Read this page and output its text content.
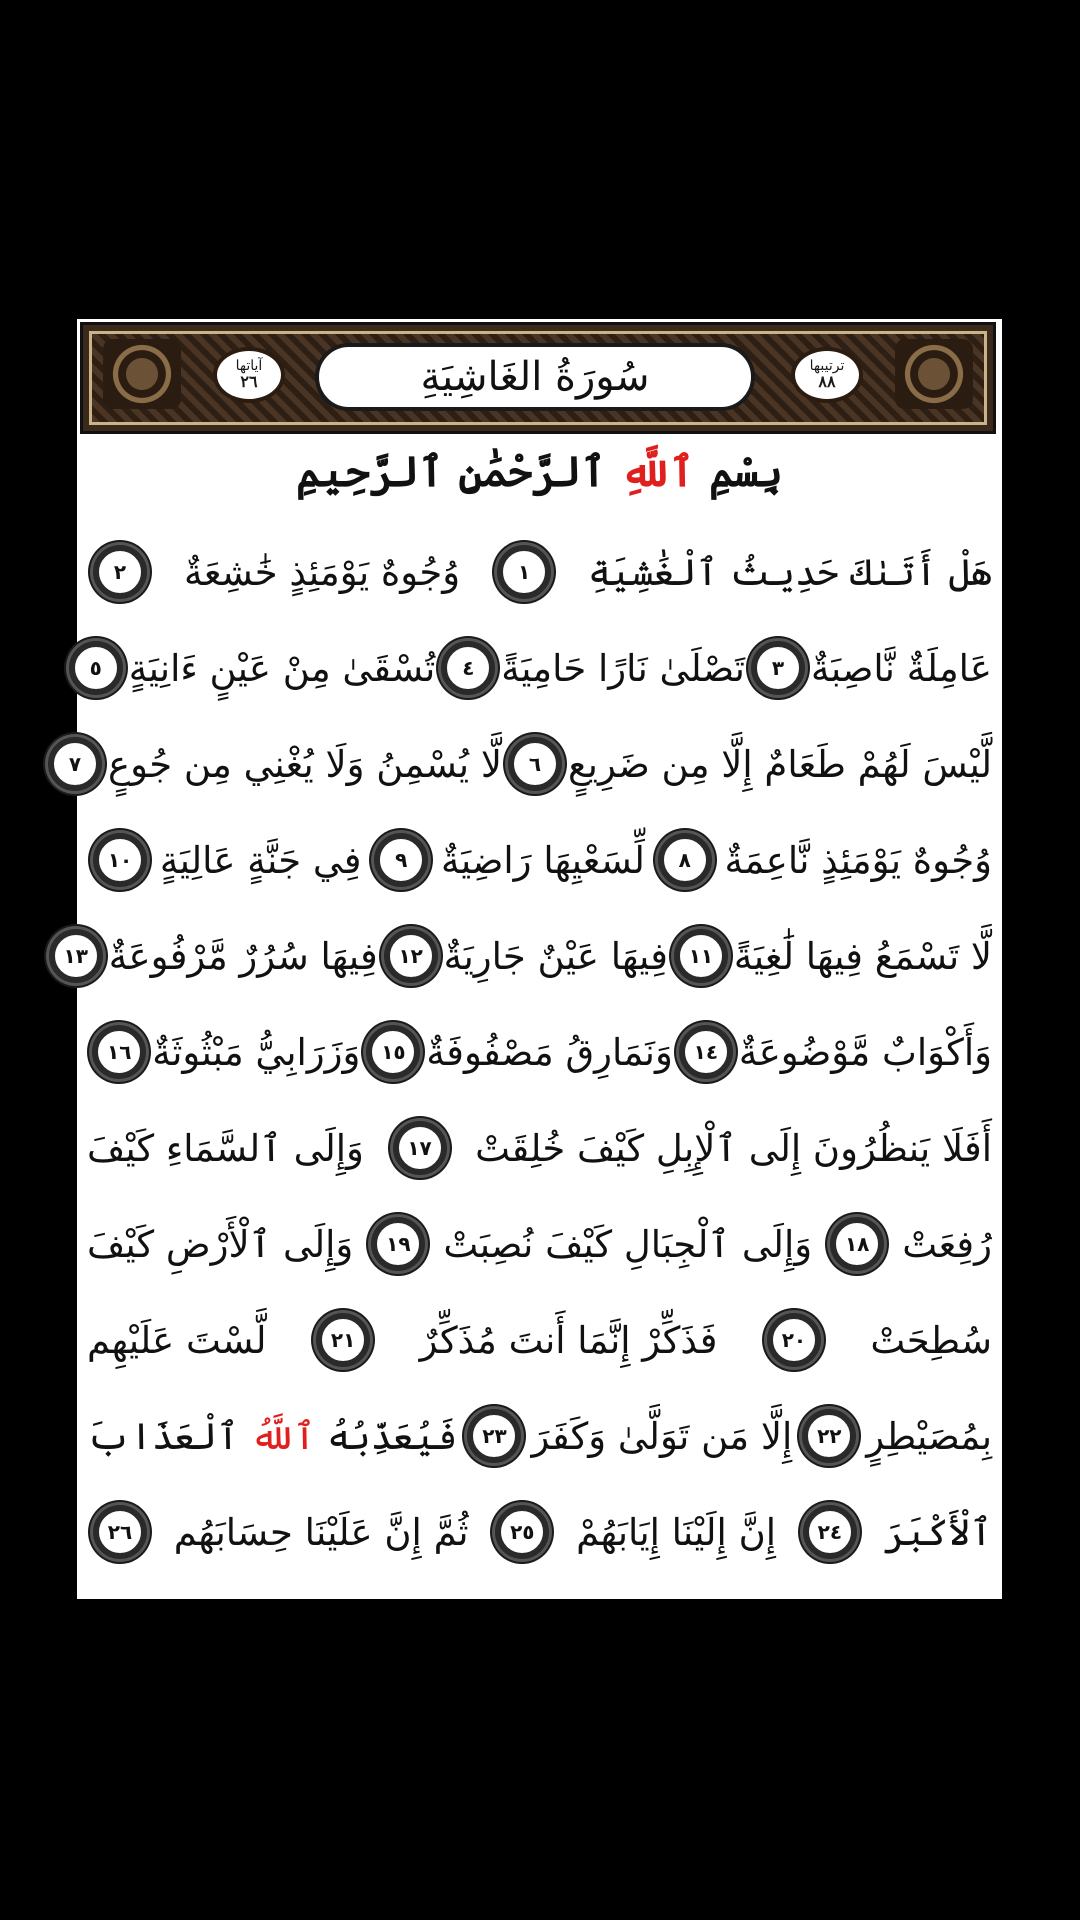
آياتها
٢٦	سُورَةُ الغَاشِيَةِ	ترتيبها
٨٨
بِسْمِ ٱللَّهِ ٱلرَّحْمَٰنِ ٱلرَّحِيمِ
هَلْ أَتَىٰكَ حَدِيثُ ٱلْغَٰشِيَةِ
١
وُجُوهٌ يَوْمَئِذٍ خَٰشِعَةٌ
٢
عَامِلَةٌ نَّاصِبَةٌ
٣
تَصْلَىٰ نَارًا حَامِيَةً
٤
تُسْقَىٰ مِنْ عَيْنٍ ءَانِيَةٍ
٥
لَّيْسَ لَهُمْ طَعَامٌ إِلَّا مِن ضَرِيعٍ
٦
لَّا يُسْمِنُ وَلَا يُغْنِي مِن جُوعٍ
٧
وُجُوهٌ يَوْمَئِذٍ نَّاعِمَةٌ
٨
لِّسَعْيِهَا رَاضِيَةٌ
٩
فِي جَنَّةٍ عَالِيَةٍ
١٠
لَّا تَسْمَعُ فِيهَا لَٰغِيَةً
١١
فِيهَا عَيْنٌ جَارِيَةٌ
١٢
فِيهَا سُرُرٌ مَّرْفُوعَةٌ
١٣
وَأَكْوَابٌ مَّوْضُوعَةٌ
١٤
وَنَمَارِقُ مَصْفُوفَةٌ
١٥
وَزَرَابِيُّ مَبْثُوثَةٌ
١٦
أَفَلَا يَنظُرُونَ إِلَى ٱلْإِبِلِ كَيْفَ خُلِقَتْ
١٧
وَإِلَى ٱلسَّمَاءِ كَيْفَ
رُفِعَتْ
١٨
وَإِلَى ٱلْجِبَالِ كَيْفَ نُصِبَتْ
١٩
وَإِلَى ٱلْأَرْضِ كَيْفَ
سُطِحَتْ
٢٠
فَذَكِّرْ إِنَّمَا أَنتَ مُذَكِّرٌ
٢١
لَّسْتَ عَلَيْهِم
بِمُصَيْطِرٍ
٢٢
إِلَّا مَن تَوَلَّىٰ وَكَفَرَ
٢٣
فَيُعَذِّبُهُ ٱللَّهُ ٱلْعَذَابَ
ٱلْأَكْبَرَ
٢٤
إِنَّ إِلَيْنَا إِيَابَهُمْ
٢٥
ثُمَّ إِنَّ عَلَيْنَا حِسَابَهُم
٢٦
